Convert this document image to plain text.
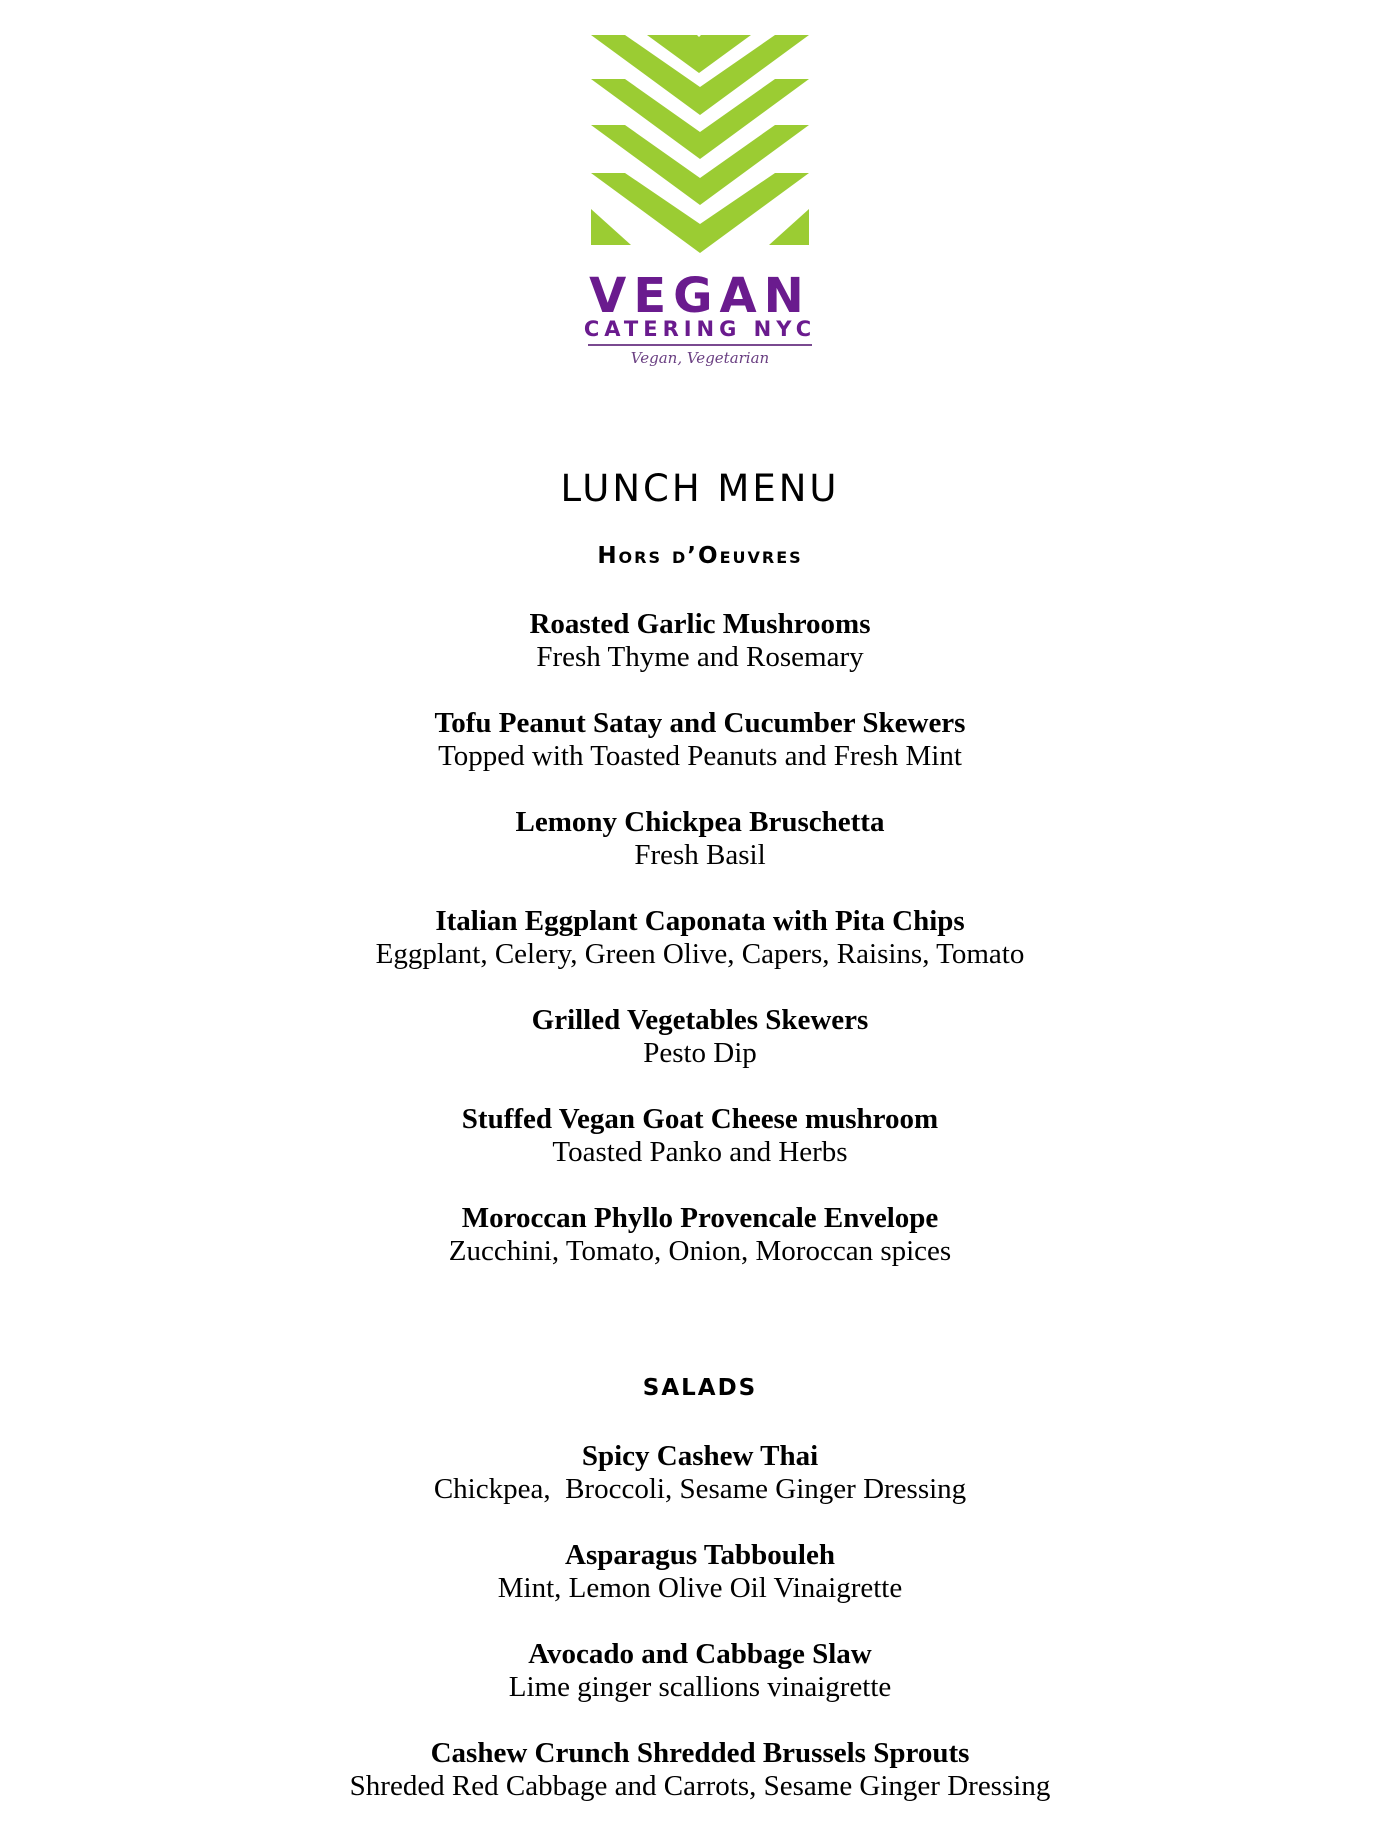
VEGAN
CATERING NYC
Vegan, Vegetarian
LUNCH MENU
Hors d’Oeuvres
Roasted Garlic Mushrooms
Fresh Thyme and Rosemary
Tofu Peanut Satay and Cucumber Skewers
Topped with Toasted Peanuts and Fresh Mint
Lemony Chickpea Bruschetta
Fresh Basil
Italian Eggplant Caponata with Pita Chips
Eggplant, Celery, Green Olive, Capers, Raisins, Tomato
Grilled Vegetables Skewers
Pesto Dip
Stuffed Vegan Goat Cheese mushroom
Toasted Panko and Herbs
Moroccan Phyllo Provencale Envelope
Zucchini, Tomato, Onion, Moroccan spices
SALADS
Spicy Cashew Thai
Chickpea,  Broccoli, Sesame Ginger Dressing
Asparagus Tabbouleh
Mint, Lemon Olive Oil Vinaigrette
Avocado and Cabbage Slaw
Lime ginger scallions vinaigrette
Cashew Crunch Shredded Brussels Sprouts
Shreded Red Cabbage and Carrots, Sesame Ginger Dressing
